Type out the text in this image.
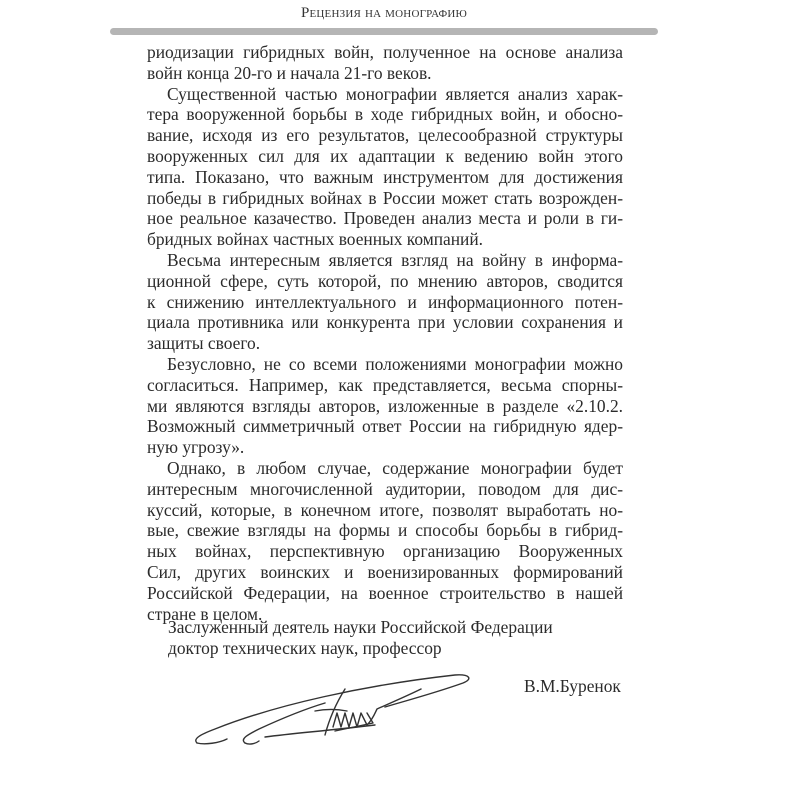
Рецензия на монографию

риодизации гибридных войн, полученное на основе анализа
войн конца 20-го и начала 21-го веков.

Существенной частью монографии является анализ харак-
тера вооруженной борьбы в ходе гибридных войн, и обосно-
вание, исходя из его результатов, целесообразной структуры
вооруженных сил для их адаптации к ведению войн этого
типа. Показано, что важным инструментом для достижения
победы в гибридных войнах в России может стать возрожден-
ное реальное казачество. Проведен анализ места и роли в ги-
бридных войнах частных военных компаний.

Весьма интересным является взгляд на войну в информа-
ционной сфере, суть которой, по мнению авторов, сводится
к снижению интеллектуального и информационного потен-
циала противника или конкурента при условии сохранения и
защиты своего.

Безусловно, не со всеми положениями монографии можно
согласиться. Например, как представляется, весьма спорны-
ми являются взгляды авторов, изложенные в разделе «2.10.2.
Возможный симметричный ответ России на гибридную ядер-
ную угрозу».

Однако, в любом случае, содержание монографии будет
интересным многочисленной аудитории, поводом для дис-
куссий, которые, в конечном итоге, позволят выработать но-
вые, свежие взгляды на формы и способы борьбы в гибрид-
ных войнах, перспективную организацию Вооруженных
Сил, других воинских и военизированных формирований
Российской Федерации, на военное строительство в нашей
стране в целом.

Заслуженный деятель науки Российской Федерации
доктор технических наук, профессор
В.М.Буренок
